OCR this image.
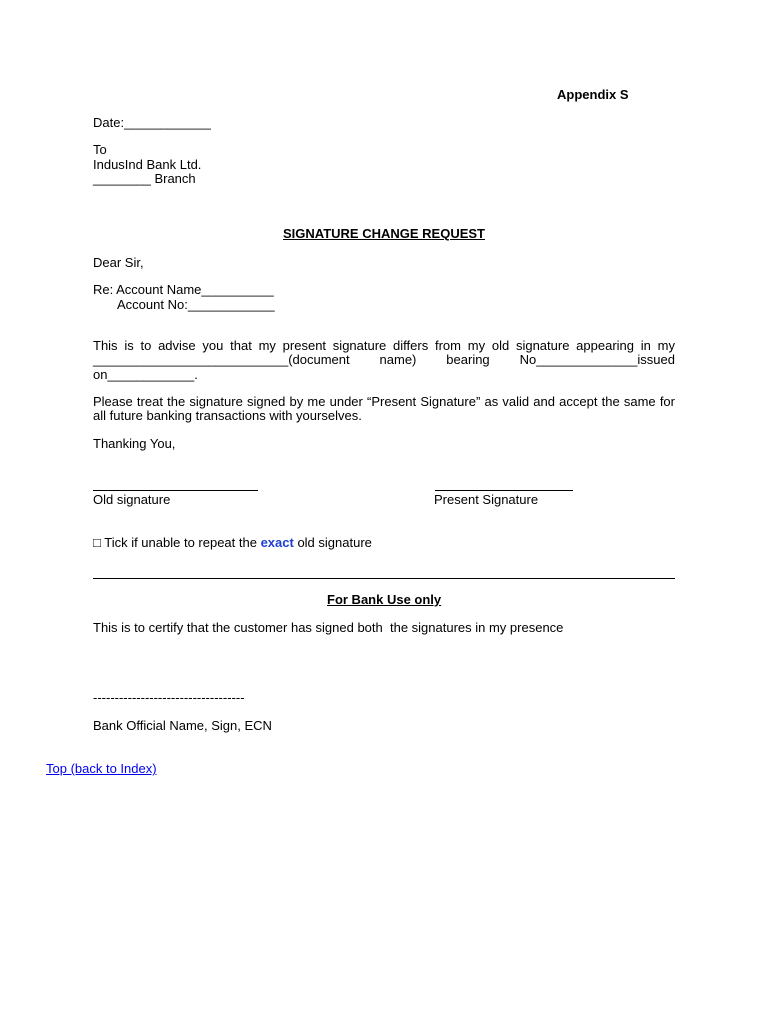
Appendix S
Date:____________
To
IndusInd Bank Ltd.
________ Branch
SIGNATURE CHANGE REQUEST
Dear Sir,
Re: Account Name__________
Account No:____________
This is to advise you that my present signature differs from my old signature appearing in my
___________________________(document name) bearing No______________issued
on____________.
Please treat the signature signed by me under “Present Signature” as valid and accept the same for
all future banking transactions with yourselves.
Thanking You,
Old signature	Present Signature
□ Tick if unable to repeat the exact old signature
For Bank Use only
This is to certify that the customer has signed both  the signatures in my presence
-----------------------------------
Bank Official Name, Sign, ECN
Top (back to Index)
